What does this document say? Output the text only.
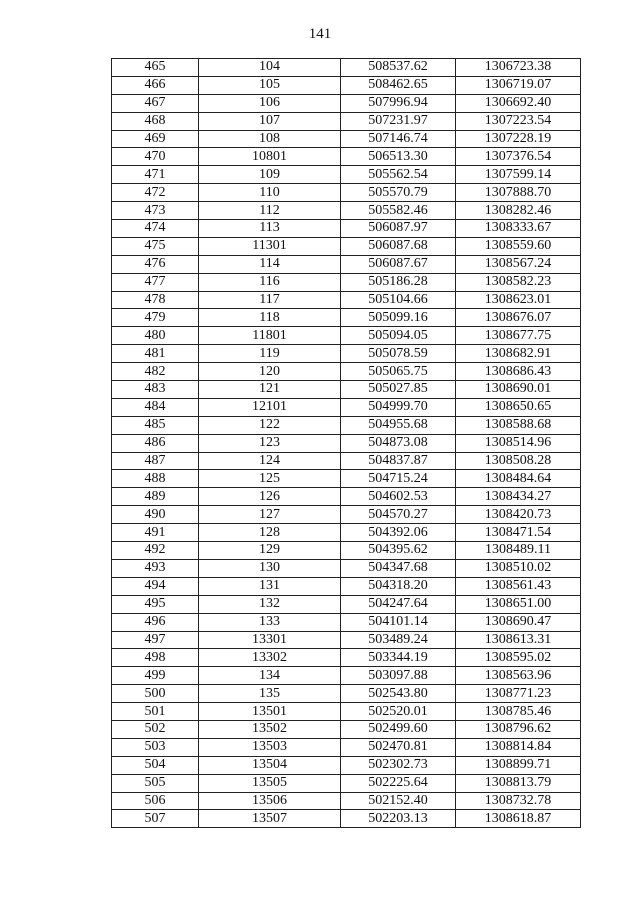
141
465	104	508537.62	1306723.38
466	105	508462.65	1306719.07
467	106	507996.94	1306692.40
468	107	507231.97	1307223.54
469	108	507146.74	1307228.19
470	10801	506513.30	1307376.54
471	109	505562.54	1307599.14
472	110	505570.79	1307888.70
473	112	505582.46	1308282.46
474	113	506087.97	1308333.67
475	11301	506087.68	1308559.60
476	114	506087.67	1308567.24
477	116	505186.28	1308582.23
478	117	505104.66	1308623.01
479	118	505099.16	1308676.07
480	11801	505094.05	1308677.75
481	119	505078.59	1308682.91
482	120	505065.75	1308686.43
483	121	505027.85	1308690.01
484	12101	504999.70	1308650.65
485	122	504955.68	1308588.68
486	123	504873.08	1308514.96
487	124	504837.87	1308508.28
488	125	504715.24	1308484.64
489	126	504602.53	1308434.27
490	127	504570.27	1308420.73
491	128	504392.06	1308471.54
492	129	504395.62	1308489.11
493	130	504347.68	1308510.02
494	131	504318.20	1308561.43
495	132	504247.64	1308651.00
496	133	504101.14	1308690.47
497	13301	503489.24	1308613.31
498	13302	503344.19	1308595.02
499	134	503097.88	1308563.96
500	135	502543.80	1308771.23
501	13501	502520.01	1308785.46
502	13502	502499.60	1308796.62
503	13503	502470.81	1308814.84
504	13504	502302.73	1308899.71
505	13505	502225.64	1308813.79
506	13506	502152.40	1308732.78
507	13507	502203.13	1308618.87
